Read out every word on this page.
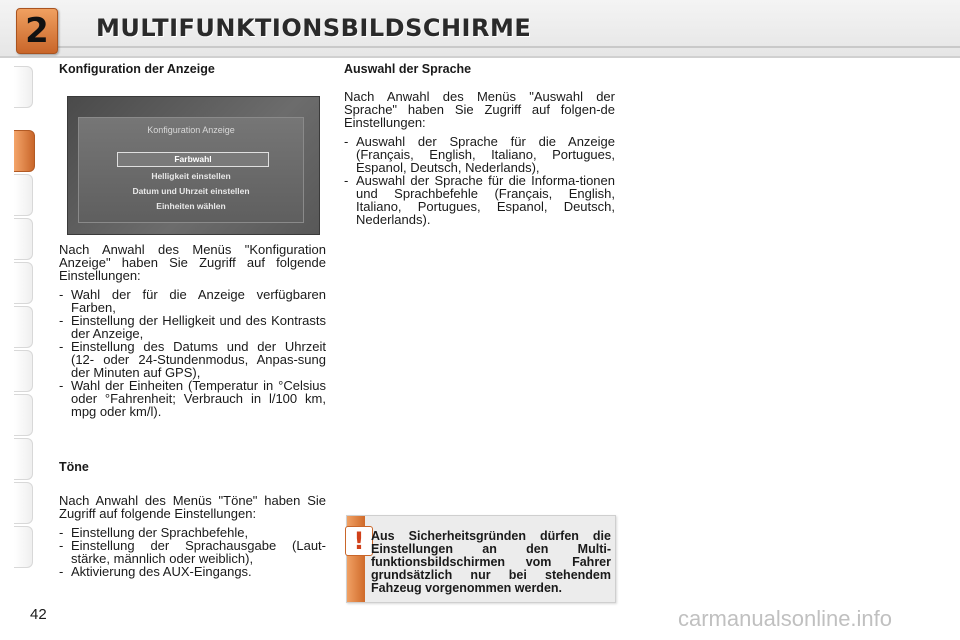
2	MULTIFUNKTIONSBILDSCHIRME
Konfiguration der Anzeige
Konfiguration Anzeige
Farbwahl
Helligkeit einstellen
Datum und Uhrzeit einstellen
Einheiten wählen

Nach Anwahl des Menüs "Konfiguration Anzeige" haben Sie Zugriff auf folgende Einstellungen:

- Wahl der für die Anzeige verfügbaren Farben,
- Einstellung der Helligkeit und des Kontrasts der Anzeige,
- Einstellung des Datums und der Uhrzeit (12- oder 24-Stundenmodus, Anpas-sung der Minuten auf GPS),
- Wahl der Einheiten (Temperatur in °Celsius oder °Fahrenheit; Verbrauch in l/100 km, mpg oder km/l).
Töne

Nach Anwahl des Menüs "Töne" haben Sie Zugriff auf folgende Einstellungen:

- Einstellung der Sprachbefehle,
- Einstellung der Sprachausgabe (Laut-stärke, männlich oder weiblich),
- Aktivierung des AUX-Eingangs.
Auswahl der Sprache

Nach Anwahl des Menüs "Auswahl der Sprache" haben Sie Zugriff auf folgen-de Einstellungen:

- Auswahl der Sprache für die Anzeige (Français, English, Italiano, Portugues, Espanol, Deutsch, Nederlands),
- Auswahl der Sprache für die Informa-tionen und Sprachbefehle (Français, English, Italiano, Portugues, Espanol, Deutsch, Nederlands).
! Aus Sicherheitsgründen dürfen die Einstellungen an den Multi-funktionsbildschirmen vom Fahrer grundsätzlich nur bei stehendem Fahzeug vorgenommen werden.
42	carmanualsonline.info
